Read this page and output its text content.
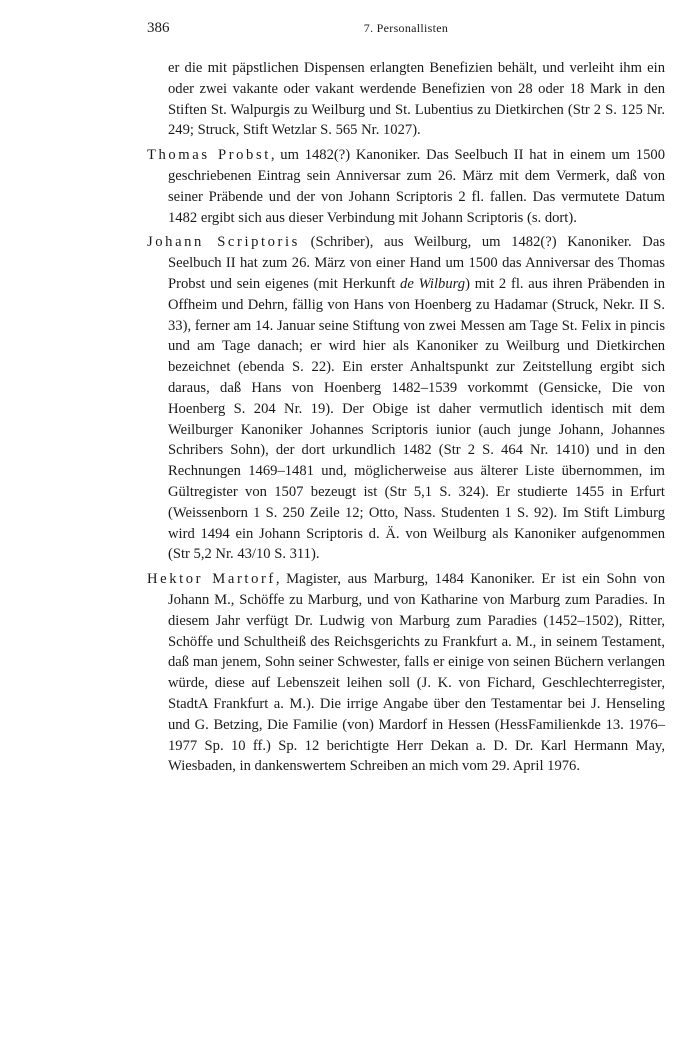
386	7. Personallisten

er die mit päpstlichen Dispensen erlangten Benefizien behält, und verleiht ihm ein oder zwei vakante oder vakant werdende Benefizien von 28 oder 18 Mark in den Stiften St. Walpurgis zu Weilburg und St. Lubentius zu Dietkirchen (Str 2 S. 125 Nr. 249; Struck, Stift Wetzlar S. 565 Nr. 1027).

Thomas Probst, um 1482(?) Kanoniker. Das Seelbuch II hat in einem um 1500 geschriebenen Eintrag sein Anniversar zum 26. März mit dem Vermerk, daß von seiner Präbende und der von Johann Scriptoris 2 fl. fallen. Das vermutete Datum 1482 ergibt sich aus dieser Verbindung mit Johann Scriptoris (s. dort).

Johann Scriptoris (Schriber), aus Weilburg, um 1482(?) Kanoniker. Das Seelbuch II hat zum 26. März von einer Hand um 1500 das Anniversar des Thomas Probst und sein eigenes (mit Herkunft de Wilburg) mit 2 fl. aus ihren Präbenden in Offheim und Dehrn, fällig von Hans von Hoenberg zu Hadamar (Struck, Nekr. II S. 33), ferner am 14. Januar seine Stiftung von zwei Messen am Tage St. Felix in pincis und am Tage danach; er wird hier als Kanoniker zu Weilburg und Dietkirchen bezeichnet (ebenda S. 22). Ein erster Anhaltspunkt zur Zeitstellung ergibt sich daraus, daß Hans von Hoenberg 1482–1539 vorkommt (Gensicke, Die von Hoenberg S. 204 Nr. 19). Der Obige ist daher vermutlich identisch mit dem Weilburger Kanoniker Johannes Scriptoris iunior (auch junge Johann, Johannes Schribers Sohn), der dort urkundlich 1482 (Str 2 S. 464 Nr. 1410) und in den Rechnungen 1469–1481 und, möglicherweise aus älterer Liste übernommen, im Gültregister von 1507 bezeugt ist (Str 5,1 S. 324). Er studierte 1455 in Erfurt (Weissenborn 1 S. 250 Zeile 12; Otto, Nass. Studenten 1 S. 92). Im Stift Limburg wird 1494 ein Johann Scriptoris d. Ä. von Weilburg als Kanoniker aufgenommen (Str 5,2 Nr. 43/10 S. 311).

Hektor Martorf, Magister, aus Marburg, 1484 Kanoniker. Er ist ein Sohn von Johann M., Schöffe zu Marburg, und von Katharine von Marburg zum Paradies. In diesem Jahr verfügt Dr. Ludwig von Marburg zum Paradies (1452–1502), Ritter, Schöffe und Schultheiß des Reichsgerichts zu Frankfurt a. M., in seinem Testament, daß man jenem, Sohn seiner Schwester, falls er einige von seinen Büchern verlangen würde, diese auf Lebenszeit leihen soll (J. K. von Fichard, Geschlechterregister, StadtA Frankfurt a. M.). Die irrige Angabe über den Testamentar bei J. Henseling und G. Betzing, Die Familie (von) Mardorf in Hessen (HessFamilienkde 13. 1976–1977 Sp. 10 ff.) Sp. 12 berichtigte Herr Dekan a. D. Dr. Karl Hermann May, Wiesbaden, in dankenswertem Schreiben an mich vom 29. April 1976.
